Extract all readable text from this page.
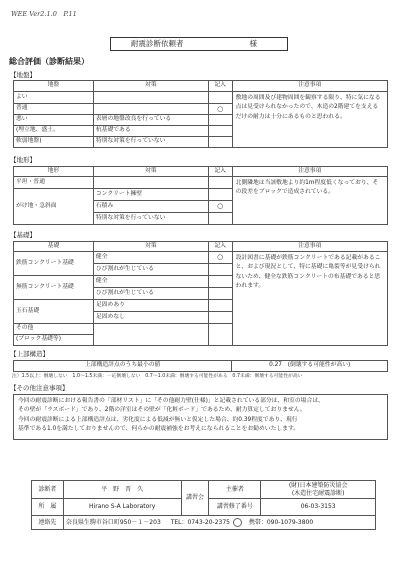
WEE Ver2.1.0　P.11
耐震診断依頼者	様
総合評価（診断結果）
【地盤】
地盤	対策	記入	注意事項
よい			敷地の周囲及び建物周囲を観察する限り、特に気になる点は見受けられなかったので、木造の2階建てを支えるだけの耐力は十分にあるものと思われる。
普通		○	
悪い	表層の地盤改良を行っている		
(埋立地、盛土、	杭基礎である		
軟弱地盤)	特別な対策を行っていない		
【地形】
地形	対策	記入	注意事項
平坦・普通			北側隣地は当該敷地より約1m程度低くなっており、その段差をブロックで造成されている。
がけ地・急斜面	コンクリート擁壁		
	石積み	○	
	特別な対策を行っていない		
【基礎】
基礎	対策	記入	注意事項
鉄筋コンクリート基礎	健全	○	設計図書に基礎が鉄筋コンクリートである記載があること、および現況として、特に基礎に亀裂等が見受けられないため、健全な鉄筋コンクリートの布基礎であると思われます。
	ひび割れが生じている		
無筋コンクリート基礎	健全		
	ひび割れが生じている		
玉石基礎	足固めあり		
	足固めなし		
その他			
(ブロック基礎等)			
【上部構造】
上部構造評点のうち最小の値	0.27　(倒壊する可能性が高い)
注）1.5以上：倒壊しない　1.0～1.5未満：一応倒壊しない　0.7～1.0未満：倒壊する可能性がある　0.7未満：倒壊する可能性が高い
【その他注意事項】
今回の耐震診断における報告書の「部材リスト」に「その他耐力壁(仕様)」と記載されている部分は、和室の場合は、
その壁が「ラスボード」であり、2階の洋室はその壁が「化粧ボード」であるため、耐力算定しておりません。
今回の耐震診断による上部構造評点は、劣化度による低減が無いと仮定した場合、約0.39程度であり、現行
基準である1.0を満たしておりませんので、何らかの耐震補強をお考えになられることをお勧めいたします。
診断者	平　野　晋　久	講習会	主催者	(財)日本建築防災協会
(木造住宅耐震診断)

所　属	Hirano S-A Laboratory		講習修了番号	06-03-3153
連絡先	奈良県生駒市谷口町950－１－203 TEL：0743-20-2375 携帯：090-1079-3800			
